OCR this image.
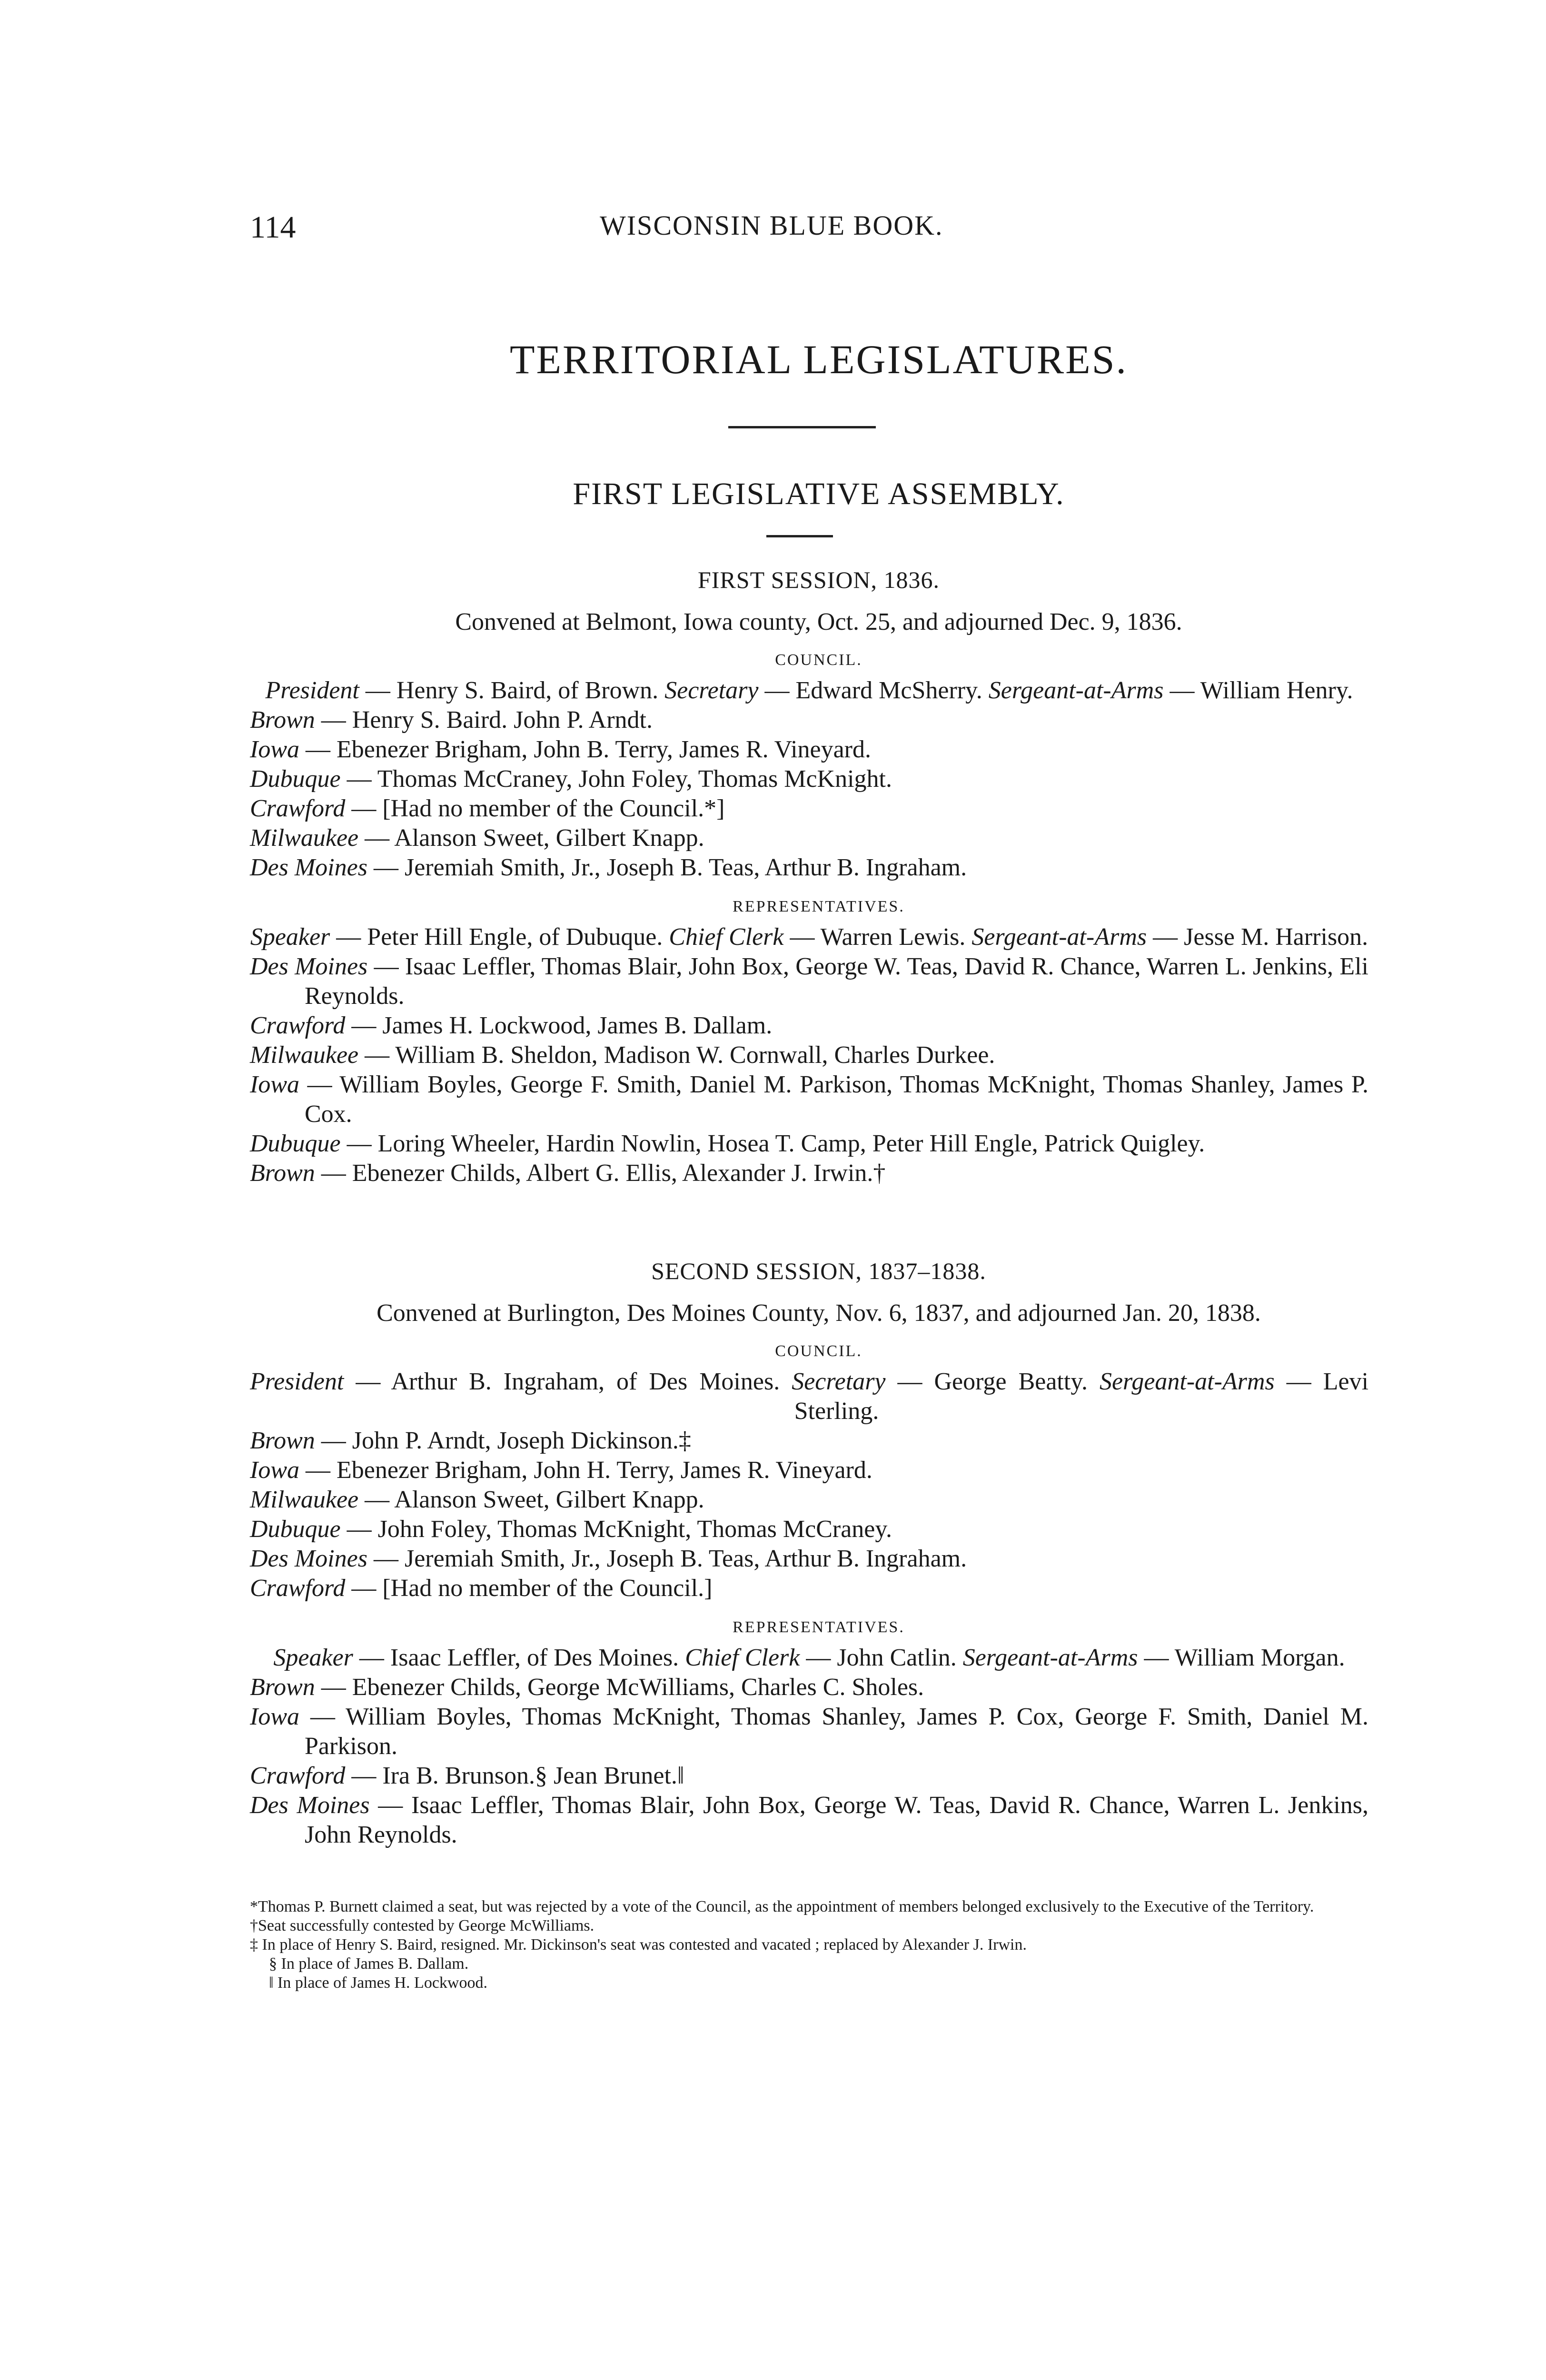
114	WISCONSIN BLUE BOOK.
TERRITORIAL LEGISLATURES.
FIRST LEGISLATIVE ASSEMBLY.
FIRST SESSION, 1836.
Convened at Belmont, Iowa county, Oct. 25, and adjourned Dec. 9, 1836.
COUNCIL.

President — Henry S. Baird, of Brown. Secretary — Edward McSherry. Sergeant-at-Arms — William Henry.

Brown — Henry S. Baird. John P. Arndt.

Iowa — Ebenezer Brigham, John B. Terry, James R. Vineyard.

Dubuque — Thomas McCraney, John Foley, Thomas McKnight.

Crawford — [Had no member of the Council.*]

Milwaukee — Alanson Sweet, Gilbert Knapp.

Des Moines — Jeremiah Smith, Jr., Joseph B. Teas, Arthur B. Ingraham.

REPRESENTATIVES.

Speaker — Peter Hill Engle, of Dubuque. Chief Clerk — Warren Lewis. Sergeant-at-Arms — Jesse M. Harrison.

Des Moines — Isaac Leffler, Thomas Blair, John Box, George W. Teas, David R. Chance, Warren L. Jenkins, Eli Reynolds.

Crawford — James H. Lockwood, James B. Dallam.

Milwaukee — William B. Sheldon, Madison W. Cornwall, Charles Durkee.

Iowa — William Boyles, George F. Smith, Daniel M. Parkison, Thomas McKnight, Thomas Shanley, James P. Cox.

Dubuque — Loring Wheeler, Hardin Nowlin, Hosea T. Camp, Peter Hill Engle, Patrick Quigley.

Brown — Ebenezer Childs, Albert G. Ellis, Alexander J. Irwin.†

SECOND SESSION, 1837–1838.
Convened at Burlington, Des Moines County, Nov. 6, 1837, and adjourned Jan. 20, 1838.
COUNCIL.

President — Arthur B. Ingraham, of Des Moines. Secretary — George Beatty. Sergeant-at-Arms — Levi Sterling.

Brown — John P. Arndt, Joseph Dickinson.‡

Iowa — Ebenezer Brigham, John H. Terry, James R. Vineyard.

Milwaukee — Alanson Sweet, Gilbert Knapp.

Dubuque — John Foley, Thomas McKnight, Thomas McCraney.

Des Moines — Jeremiah Smith, Jr., Joseph B. Teas, Arthur B. Ingraham.

Crawford — [Had no member of the Council.]

REPRESENTATIVES.

Speaker — Isaac Leffler, of Des Moines. Chief Clerk — John Catlin. Sergeant-at-Arms — William Morgan.

Brown — Ebenezer Childs, George McWilliams, Charles C. Sholes.

Iowa — William Boyles, Thomas McKnight, Thomas Shanley, James P. Cox, George F. Smith, Daniel M. Parkison.

Crawford — Ira B. Brunson.§ Jean Brunet.‖

Des Moines — Isaac Leffler, Thomas Blair, John Box, George W. Teas, David R. Chance, Warren L. Jenkins, John Reynolds.

*Thomas P. Burnett claimed a seat, but was rejected by a vote of the Council, as the appointment of members belonged exclusively to the Executive of the Territory.

†Seat successfully contested by George McWilliams.

‡ In place of Henry S. Baird, resigned. Mr. Dickinson's seat was contested and vacated ; replaced by Alexander J. Irwin.

§ In place of James B. Dallam.

‖ In place of James H. Lockwood.
